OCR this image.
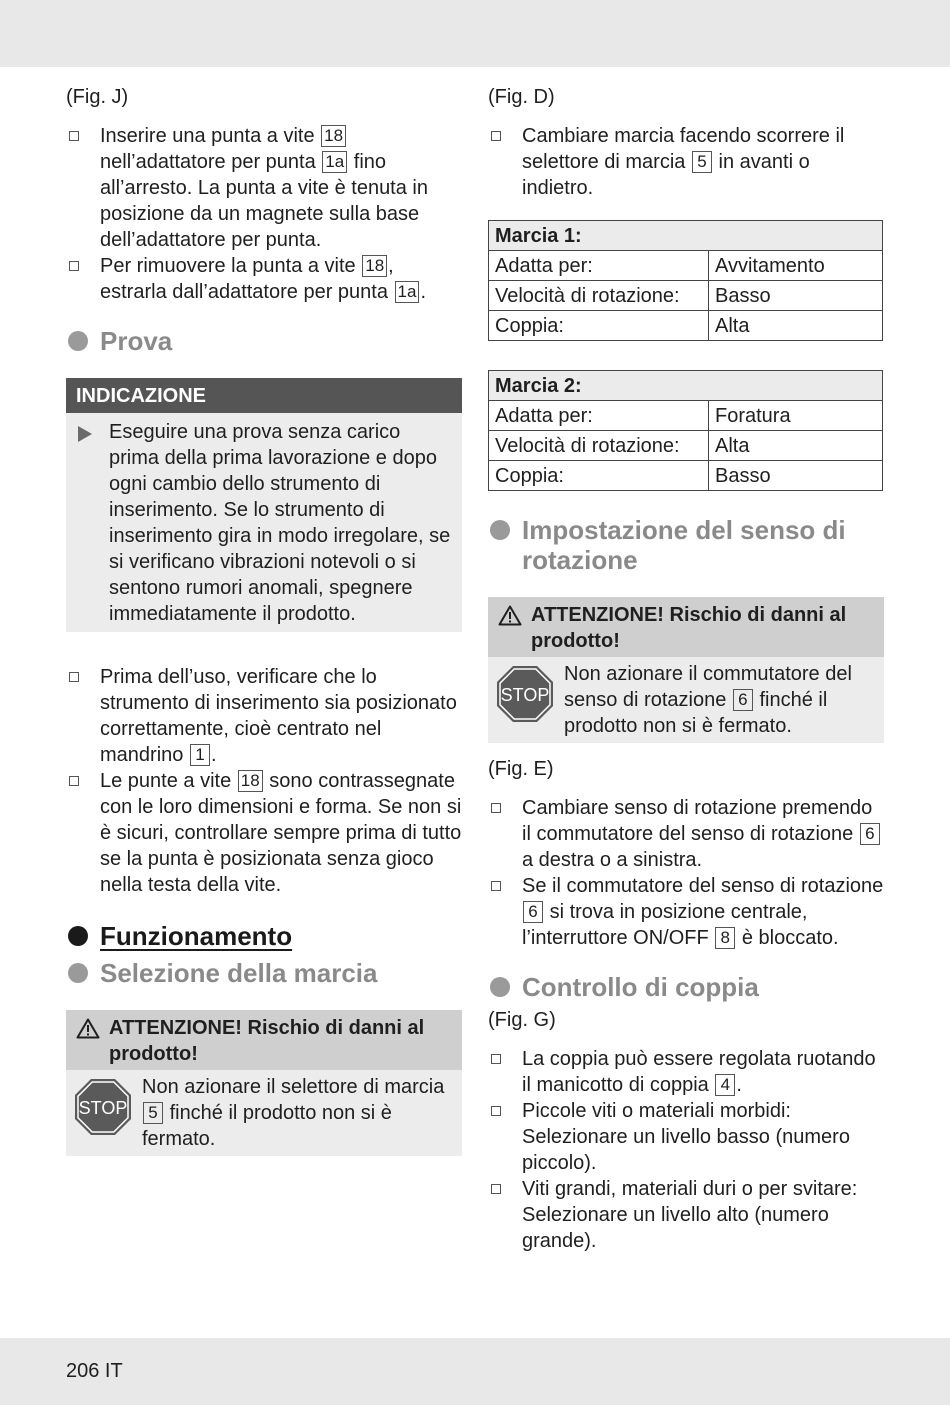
(Fig. J)

Inserire una punta a vite 18 nell’adattatore per punta 1a fino all’arresto. La punta a vite è tenuta in posizione da un magnete sulla base dell’adattatore per punta.
Per rimuovere la punta a vite 18 , estrarla dall’adattatore per punta 1a .
Prova
INDICAZIONE
Eseguire una prova senza carico prima della prima lavorazione e dopo ogni cambio dello strumento di inserimento. Se lo strumento di inserimento gira in modo irregolare, se si verificano vibrazioni notevoli o si sentono rumori anomali, spegnere immediatamente il prodotto.
Prima dell’uso, verificare che lo strumento di inserimento sia posizionato correttamente, cioè centrato nel mandrino 1 .
Le punte a vite 18 sono contrassegnate con le loro dimensioni e forma. Se non si è sicuri, controllare sempre prima di tutto se la punta è posizionata senza gioco nella testa della vite.
Funzionamento
Selezione della marcia
ATTENZIONE! Rischio di danni al prodotto!
STOP
Non azionare il selettore di marcia 5 finché il prodotto non si è fermato.

(Fig. D)

Cambiare marcia facendo scorrere il selettore di marcia 5 in avanti o indietro.
Marcia 1:	
Adatta per:	Avvitamento
Velocità di rotazione:	Basso
Coppia:	Alta
Marcia 2:	
Adatta per:	Foratura
Velocità di rotazione:	Alta
Coppia:	Basso
Impostazione del senso di rotazione
ATTENZIONE! Rischio di danni al prodotto!
STOP
Non azionare il commutatore del senso di rotazione 6 finché il prodotto non si è fermato.

(Fig. E)

Cambiare senso di rotazione premendo il commutatore del senso di rotazione 6 a destra o a sinistra.
Se il commutatore del senso di rotazione 6 si trova in posizione centrale, l’interruttore ON/OFF 8 è bloccato.
Controllo di coppia

(Fig. G)

La coppia può essere regolata ruotando il manicotto di coppia 4 .
Piccole viti o materiali morbidi: Selezionare un livello basso (numero piccolo).
Viti grandi, materiali duri o per svitare: Selezionare un livello alto (numero grande).
206 IT
